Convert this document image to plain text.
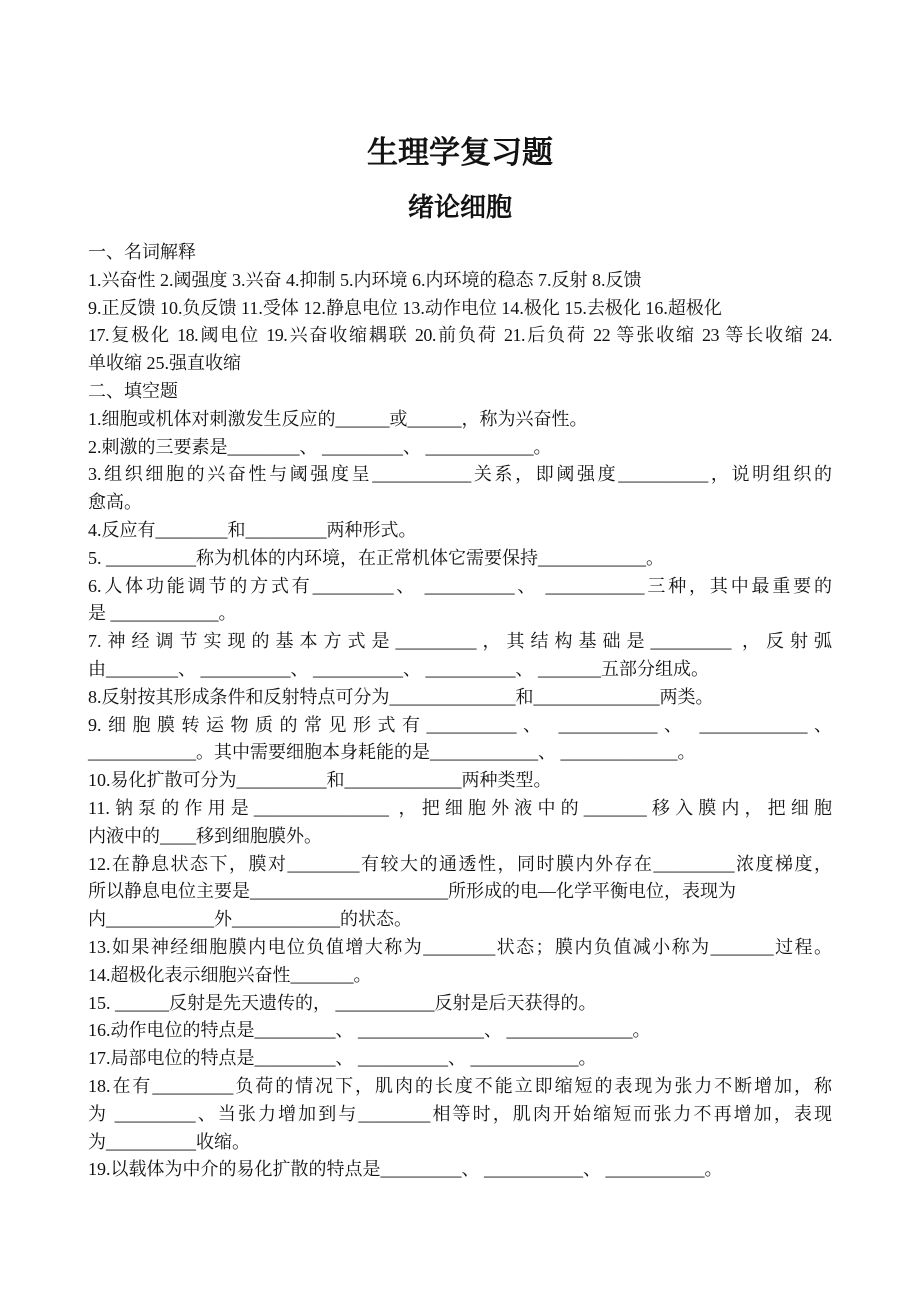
生理学复习题
绪论细胞
一、名词解释
1.兴奋性 2.阈强度 3.兴奋 4.抑制 5.内环境 6.内环境的稳态 7.反射 8.反馈
9.正反馈 10.负反馈 11.受体 12.静息电位 13.动作电位 14.极化 15.去极化 16.超极化
17.复极化 18.阈电位 19.兴奋收缩耦联 20.前负荷 21.后负荷 22 等张收缩 23 等长收缩 24.
单收缩 25.强直收缩
二、填空题
1.细胞或机体对刺激发生反应的______或______，称为兴奋性。
2.刺激的三要素是________、 _________、 ____________。
3.组织细胞的兴奋性与阈强度呈___________关系，即阈强度__________，说明组织的
愈高。
4.反应有________和_________两种形式。
5. __________称为机体的内环境，在正常机体它需要保持____________。
6.人体功能调节的方式有_________、 __________、 ___________三种，其中最重要的
是 ____________。
7.神经调节实现的基本方式是_________，其结构基础是_________ ，反射弧
由________、 __________、 __________、 __________、 _______五部分组成。
8.反射按其形成条件和反射特点可分为______________和______________两类。
9.细胞膜转运物质的常见形式有__________、 ___________、 ____________、
____________。其中需要细胞本身耗能的是____________、 _____________。
10.易化扩散可分为__________和_____________两种类型。
11.钠泵的作用是_______________ ，把细胞外液中的_______移入膜内，把细胞
内液中的____移到细胞膜外。
12.在静息状态下，膜对________有较大的通透性，同时膜内外存在_________浓度梯度，
所以静息电位主要是______________________所形成的电—化学平衡电位，表现为
内____________外____________的状态。
13.如果神经细胞膜内电位负值增大称为________状态；膜内负值减小称为_______过程。
14.超极化表示细胞兴奋性_______。
15. ______反射是先天遗传的， ___________反射是后天获得的。
16.动作电位的特点是_________、 ______________、 ______________。
17.局部电位的特点是_________、 __________、 ____________。
18.在有_________负荷的情况下，肌肉的长度不能立即缩短的表现为张力不断增加，称
为 _________、当张力增加到与________相等时，肌肉开始缩短而张力不再增加，表现
为__________收缩。
19.以载体为中介的易化扩散的特点是_________、 ___________、 ___________。
